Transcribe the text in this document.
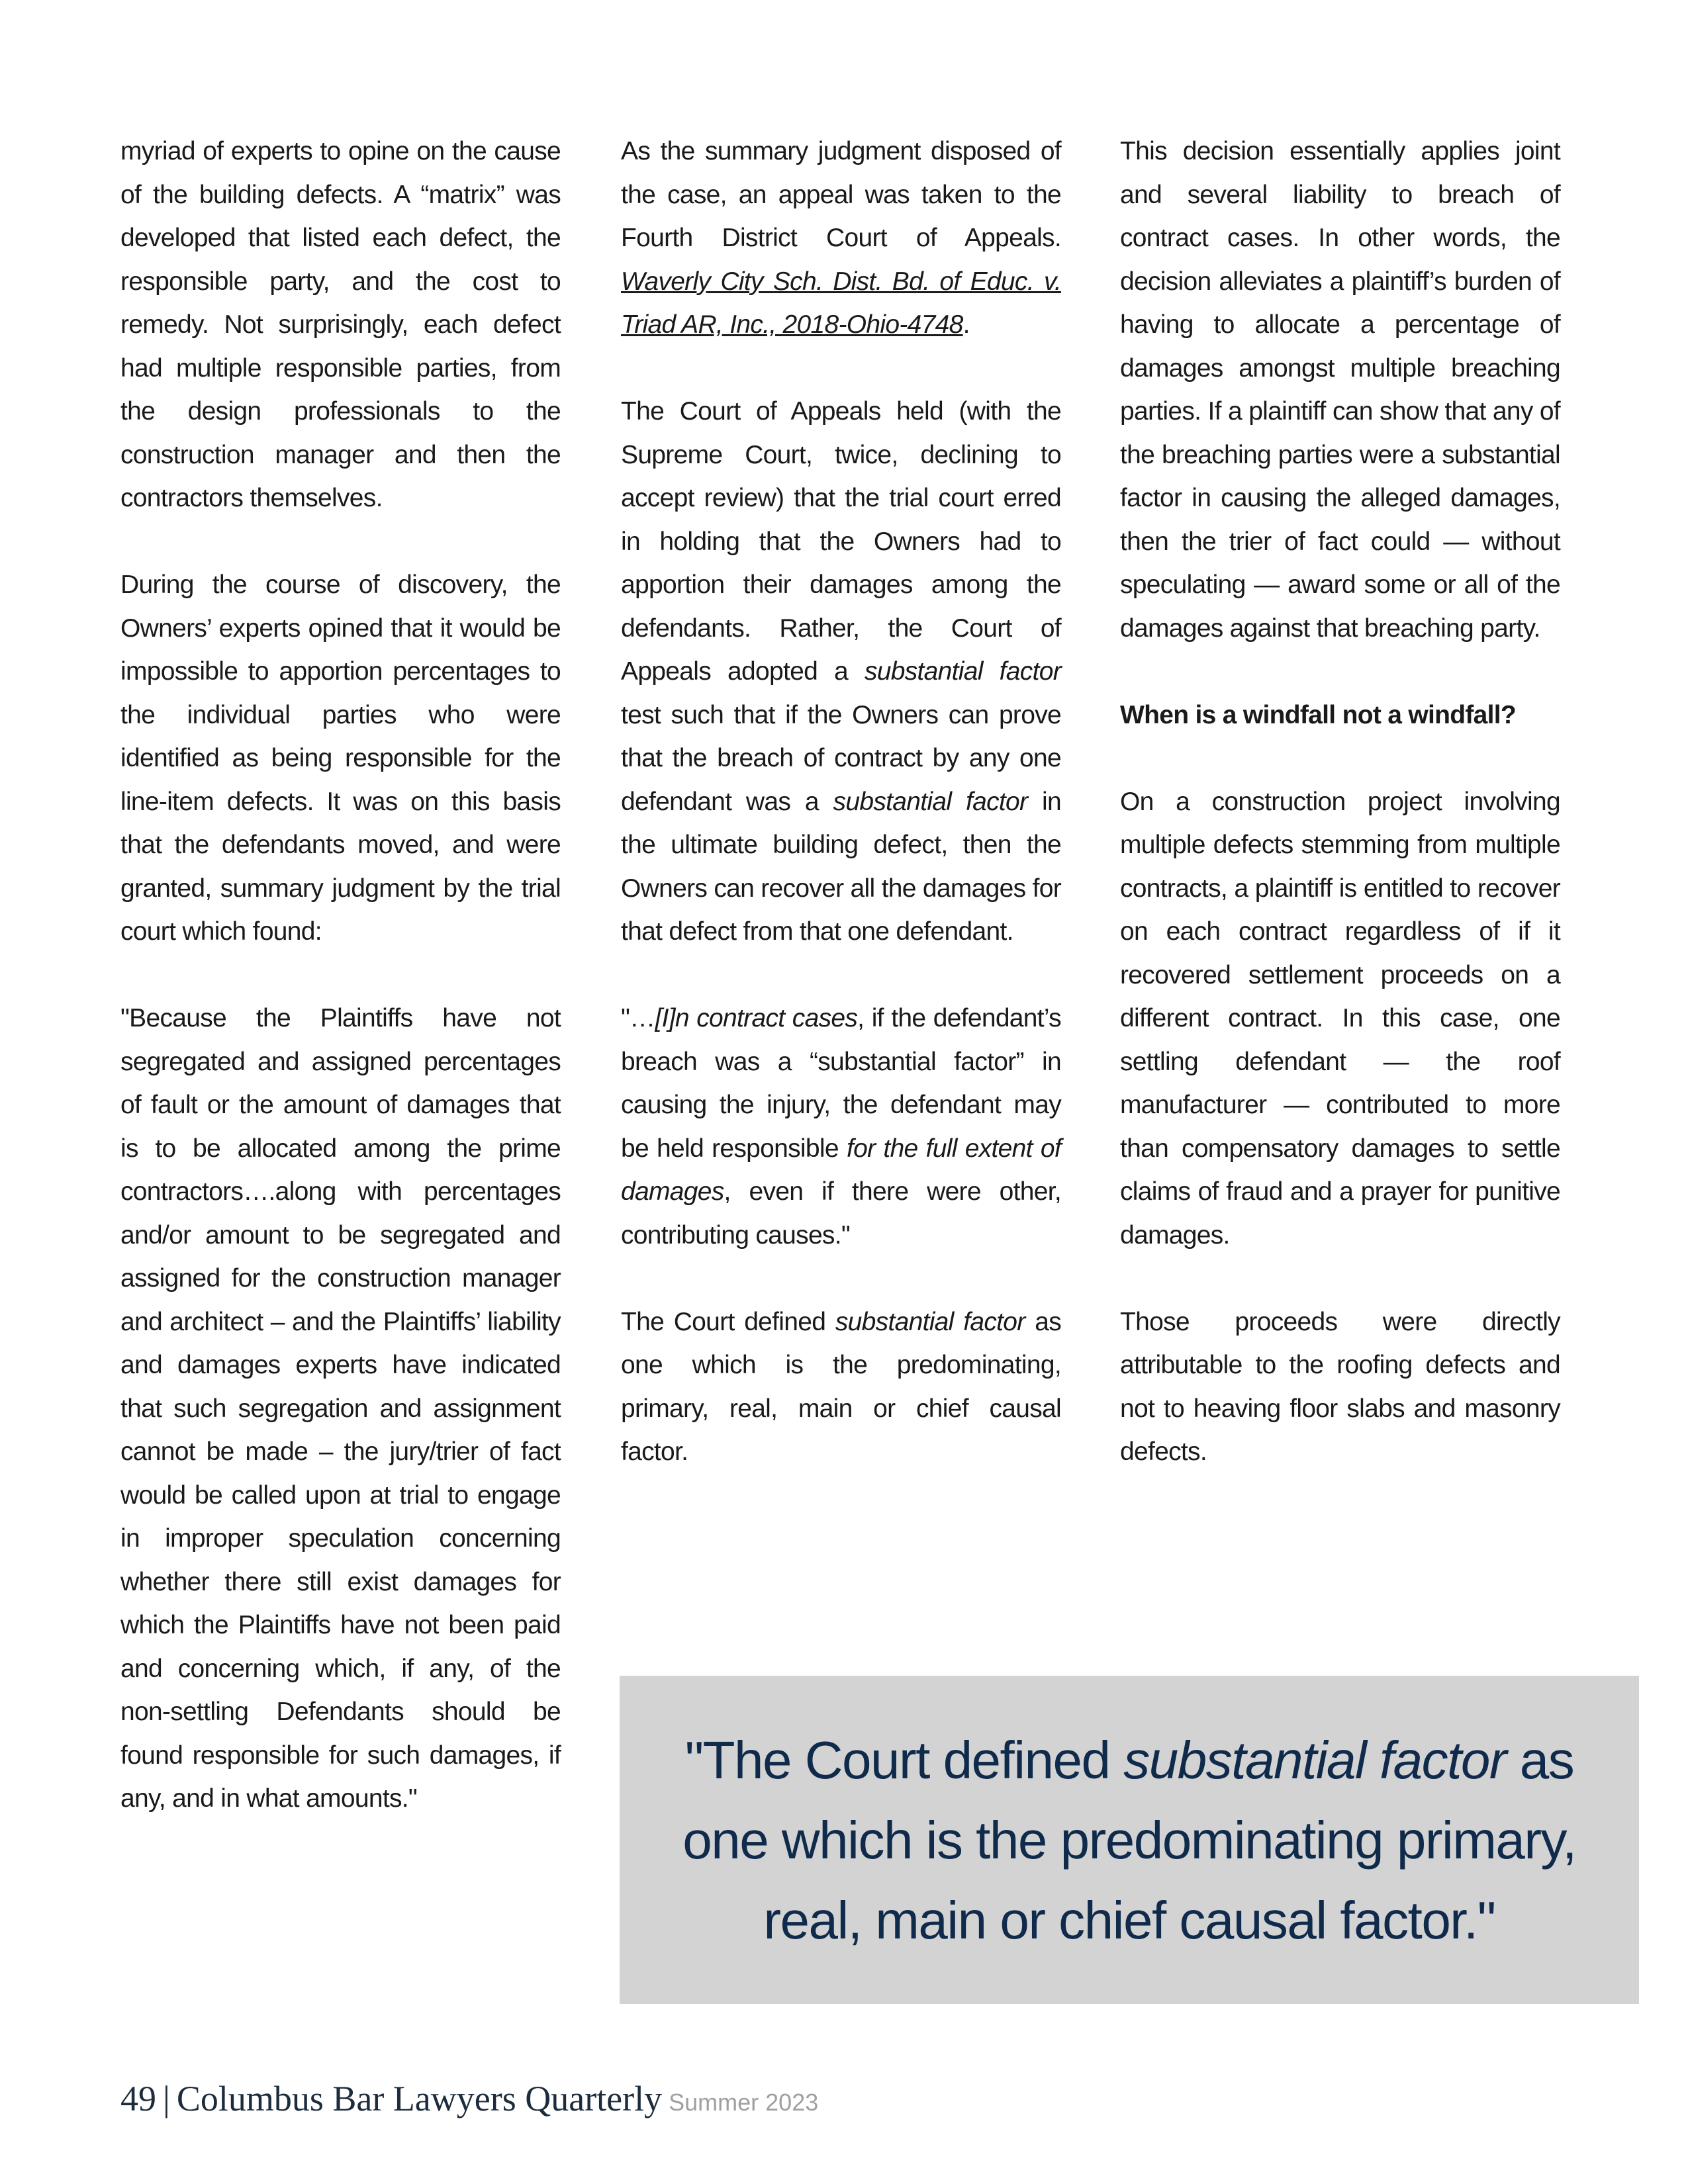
myriad of experts to opine on the cause of the building defects. A “matrix” was developed that listed each defect, the responsible party, and the cost to remedy. Not surprisingly, each defect had multiple responsible parties, from the design professionals to the construction manager and then the contractors themselves.

During the course of discovery, the Owners’ experts opined that it would be impossible to apportion percentages to the individual parties who were identified as being responsible for the line-item defects. It was on this basis that the defendants moved, and were granted, summary judgment by the trial court which found:

"Because the Plaintiffs have not segregated and assigned percentages of fault or the amount of damages that is to be allocated among the prime contractors….along with percentages and/or amount to be segregated and assigned for the construction manager and architect – and the Plaintiffs’ liability and damages experts have indicated that such segregation and assignment cannot be made – the jury/trier of fact would be called upon at trial to engage in improper speculation concerning whether there still exist damages for which the Plaintiffs have not been paid and concerning which, if any, of the non-settling Defendants should be found responsible for such damages, if any, and in what amounts."

As the summary judgment disposed of the case, an appeal was taken to the Fourth District Court of Appeals. Waverly City Sch. Dist. Bd. of Educ. v. Triad AR, Inc., 2018-Ohio-4748.

The Court of Appeals held (with the Supreme Court, twice, declining to accept review) that the trial court erred in holding that the Owners had to apportion their damages among the defendants. Rather, the Court of Appeals adopted a substantial factor test such that if the Owners can prove that the breach of contract by any one defendant was a substantial factor in the ultimate building defect, then the Owners can recover all the damages for that defect from that one defendant.

"…[I]n contract cases, if the defendant’s breach was a “substantial factor” in causing the injury, the defendant may be held responsible for the full extent of damages, even if there were other, contributing causes."

The Court defined substantial factor as one which is the predominating, primary, real, main or chief causal factor.

This decision essentially applies joint and several liability to breach of contract cases. In other words, the decision alleviates a plaintiff’s burden of having to allocate a percentage of damages amongst multiple breaching parties. If a plaintiff can show that any of the breaching parties were a substantial factor in causing the alleged damages, then the trier of fact could — without speculating — award some or all of the damages against that breaching party.

When is a windfall not a windfall?

On a construction project involving multiple defects stemming from multiple contracts, a plaintiff is entitled to recover on each contract regardless of if it recovered settlement proceeds on a different contract. In this case, one settling defendant — the roof manufacturer — contributed to more than compensatory damages to settle claims of fraud and a prayer for punitive damages.

Those proceeds were directly attributable to the roofing defects and not to heaving floor slabs and masonry defects.

"The Court defined substantial factor as one which is the predominating primary, real, main or chief causal factor."
49 | Columbus Bar Lawyers Quarterly Summer 2023
